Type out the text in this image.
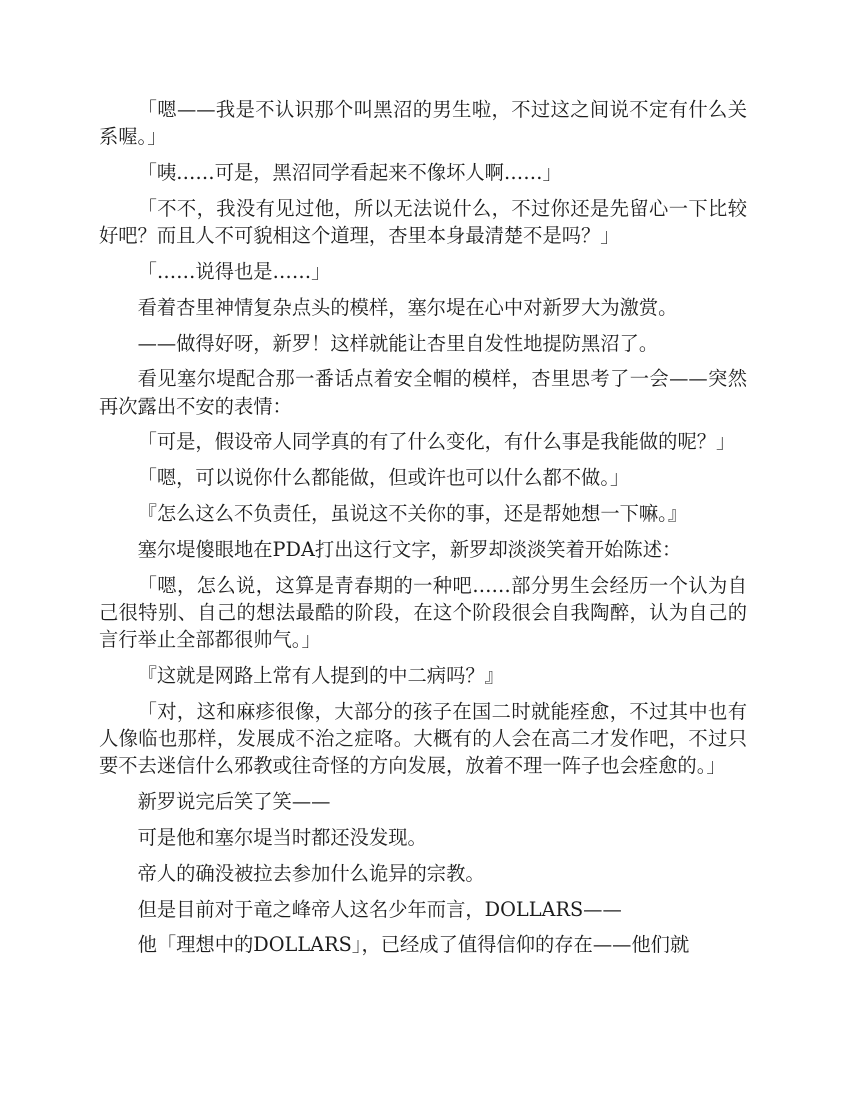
「嗯——我是不认识那个叫黑沼的男生啦，不过这之间说不定有什么关系喔。」

「咦……可是，黑沼同学看起来不像坏人啊……」

「不不，我没有见过他，所以无法说什么，不过你还是先留心一下比较好吧？而且人不可貌相这个道理，杏里本身最清楚不是吗？」

「……说得也是……」

看着杏里神情复杂点头的模样，塞尔堤在心中对新罗大为激赏。

——做得好呀，新罗！这样就能让杏里自发性地提防黑沼了。

看见塞尔堤配合那一番话点着安全帽的模样，杏里思考了一会——突然再次露出不安的表情：

「可是，假设帝人同学真的有了什么变化，有什么事是我能做的呢？」

「嗯，可以说你什么都能做，但或许也可以什么都不做。」

『怎么这么不负责任，虽说这不关你的事，还是帮她想一下嘛。』

塞尔堤傻眼地在PDA打出这行文字，新罗却淡淡笑着开始陈述：

「嗯，怎么说，这算是青春期的一种吧……部分男生会经历一个认为自己很特别、自己的想法最酷的阶段，在这个阶段很会自我陶醉，认为自己的言行举止全部都很帅气。」

『这就是网路上常有人提到的中二病吗？』

「对，这和麻疹很像，大部分的孩子在国二时就能痊愈，不过其中也有人像临也那样，发展成不治之症咯。大概有的人会在高二才发作吧，不过只要不去迷信什么邪教或往奇怪的方向发展，放着不理一阵子也会痊愈的。」

新罗说完后笑了笑——

可是他和塞尔堤当时都还没发现。

帝人的确没被拉去参加什么诡异的宗教。

但是目前对于竜之峰帝人这名少年而言，DOLLARS——

他「理想中的DOLLARS」，已经成了值得信仰的存在——他们就
